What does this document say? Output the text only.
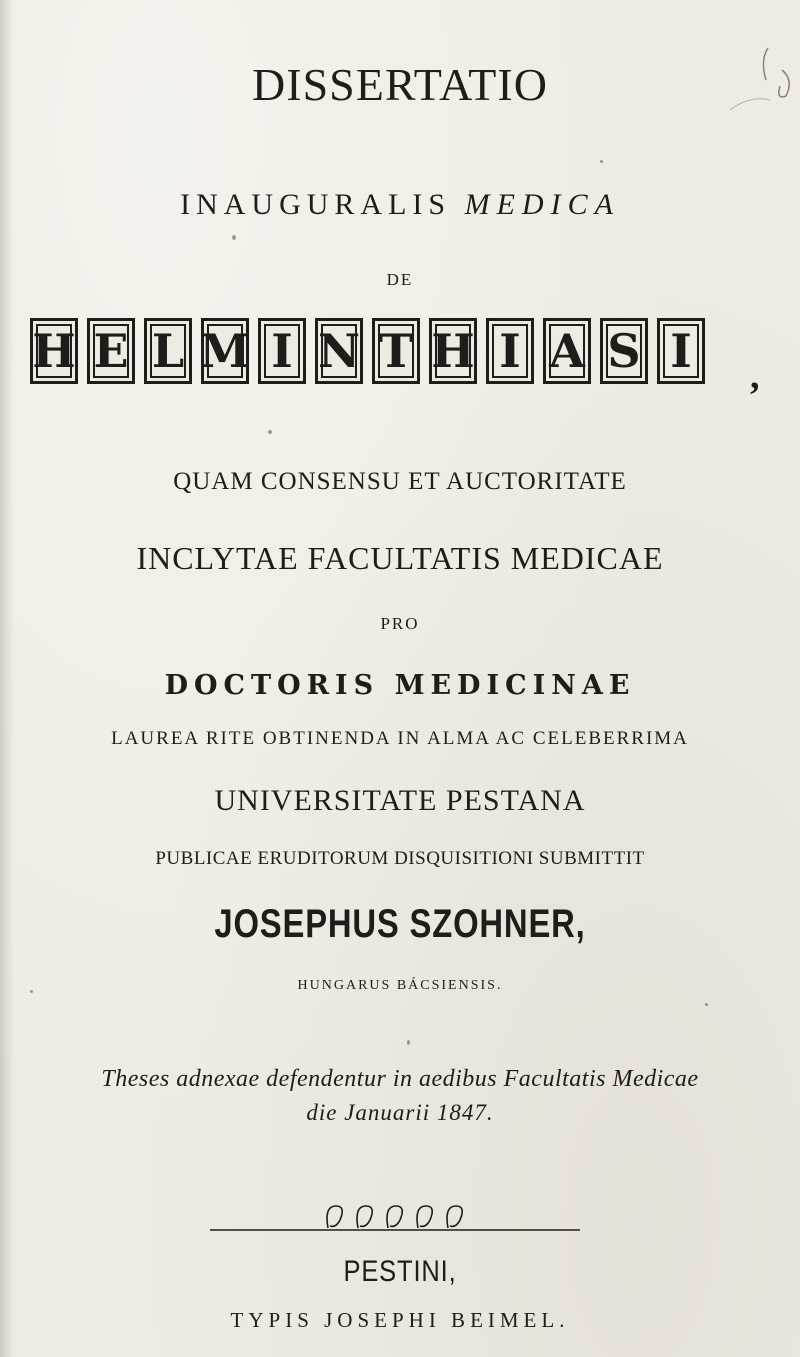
DISSERTATIO
INAUGURALIS MEDICA
DE
H E L M I N T H I A S I	,
QUAM CONSENSU ET AUCTORITATE
INCLYTAE FACULTATIS MEDICAE
PRO
DOCTORIS MEDICINAE
LAUREA RITE OBTINENDA IN ALMA AC CELEBERRIMA
UNIVERSITATE PESTANA
PUBLICAE ERUDITORUM DISQUISITIONI SUBMITTIT
JOSEPHUS SZOHNER,
HUNGARUS BÁCSIENSIS.
Theses adnexae defendentur in aedibus Facultatis Medicae
die Januarii 1847.
PESTINI,
TYPIS JOSEPHI BEIMEL.
